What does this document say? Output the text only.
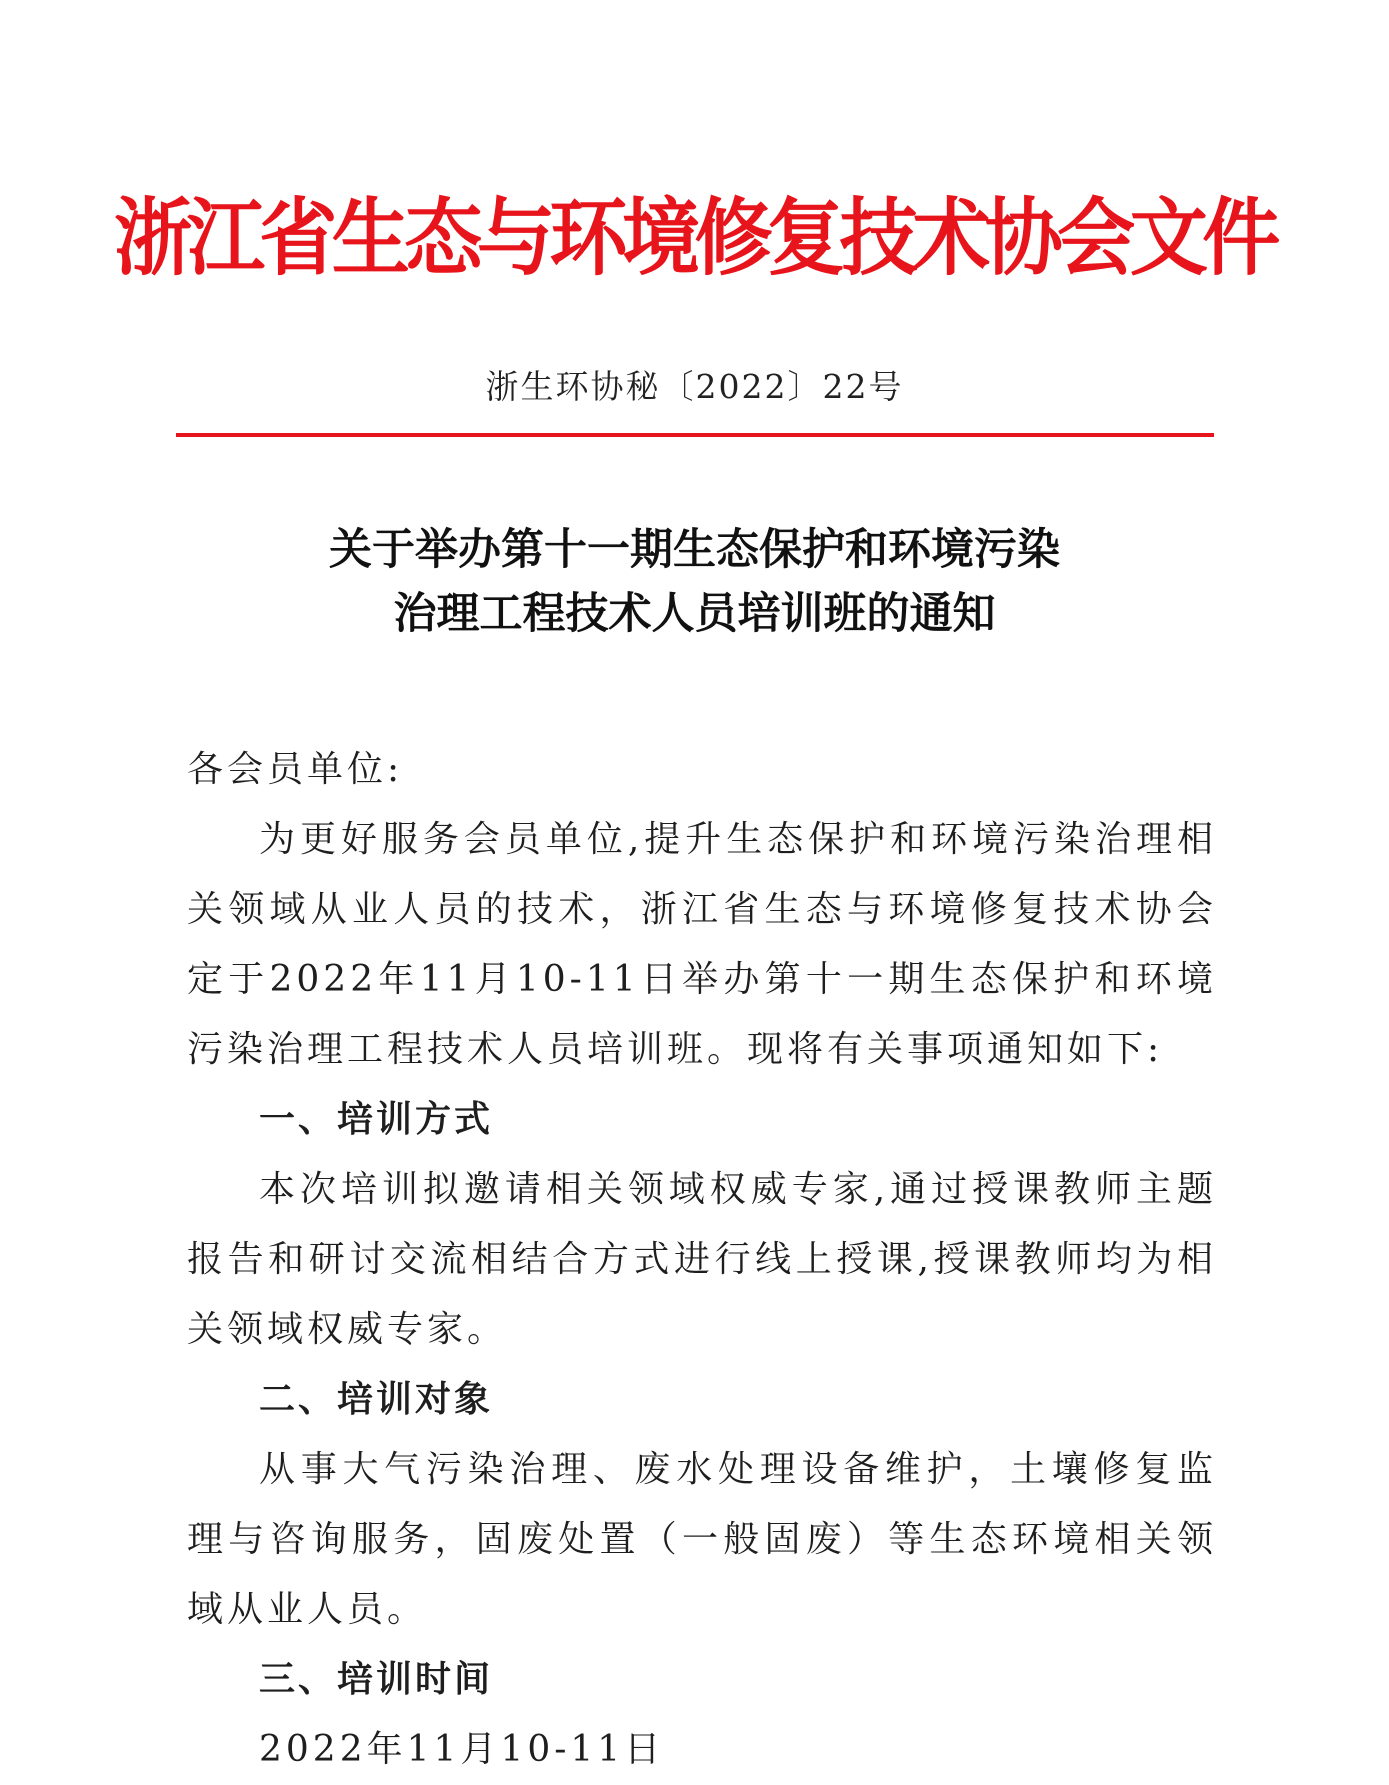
浙江省生态与环境修复技术协会文件
浙生环协秘〔2022〕22号
关于举办第十一期生态保护和环境污染
治理工程技术人员培训班的通知

各会员单位:

为更好服务会员单位,提升生态保护和环境污染治理相关领域从业人员的技术，浙江省生态与环境修复技术协会定于2022年11月10-11日举办第十一期生态保护和环境污染治理工程技术人员培训班。现将有关事项通知如下:

一、培训方式

本次培训拟邀请相关领域权威专家,通过授课教师主题报告和研讨交流相结合方式进行线上授课,授课教师均为相关领域权威专家。

二、培训对象

从事大气污染治理、废水处理设备维护，土壤修复监理与咨询服务，固废处置（一般固废）等生态环境相关领域从业人员。

三、培训时间

2022年11月10-11日
